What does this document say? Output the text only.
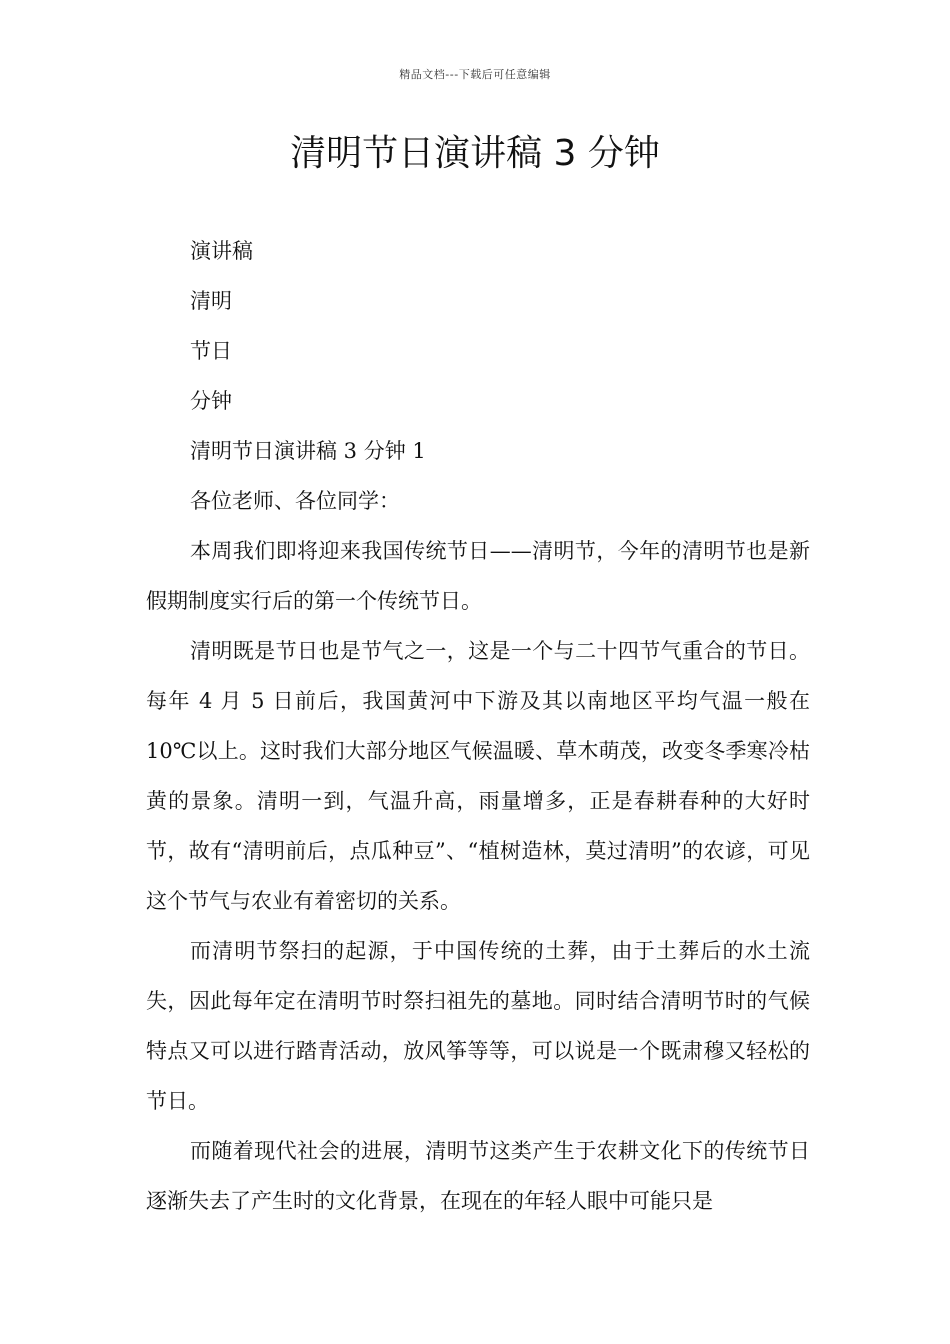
精品文档---下载后可任意编辑
清明节日演讲稿 3 分钟

演讲稿

清明

节日

分钟

清明节日演讲稿 3 分钟 1

各位老师、各位同学：

本周我们即将迎来我国传统节日——清明节，今年的清明节也是新假期制度实行后的第一个传统节日。

清明既是节日也是节气之一，这是一个与二十四节气重合的节日。每年 4 月 5 日前后，我国黄河中下游及其以南地区平均气温一般在 10℃以上。这时我们大部分地区气候温暖、草木萌茂，改变冬季寒冷枯黄的景象。清明一到，气温升高，雨量增多，正是春耕春种的大好时节，故有“清明前后，点瓜种豆”、“植树造林，莫过清明”的农谚，可见这个节气与农业有着密切的关系。

而清明节祭扫的起源，于中国传统的土葬，由于土葬后的水土流失，因此每年定在清明节时祭扫祖先的墓地。同时结合清明节时的气候特点又可以进行踏青活动，放风筝等等，可以说是一个既肃穆又轻松的节日。

而随着现代社会的进展，清明节这类产生于农耕文化下的传统节日逐渐失去了产生时的文化背景，在现在的年轻人眼中可能只是
